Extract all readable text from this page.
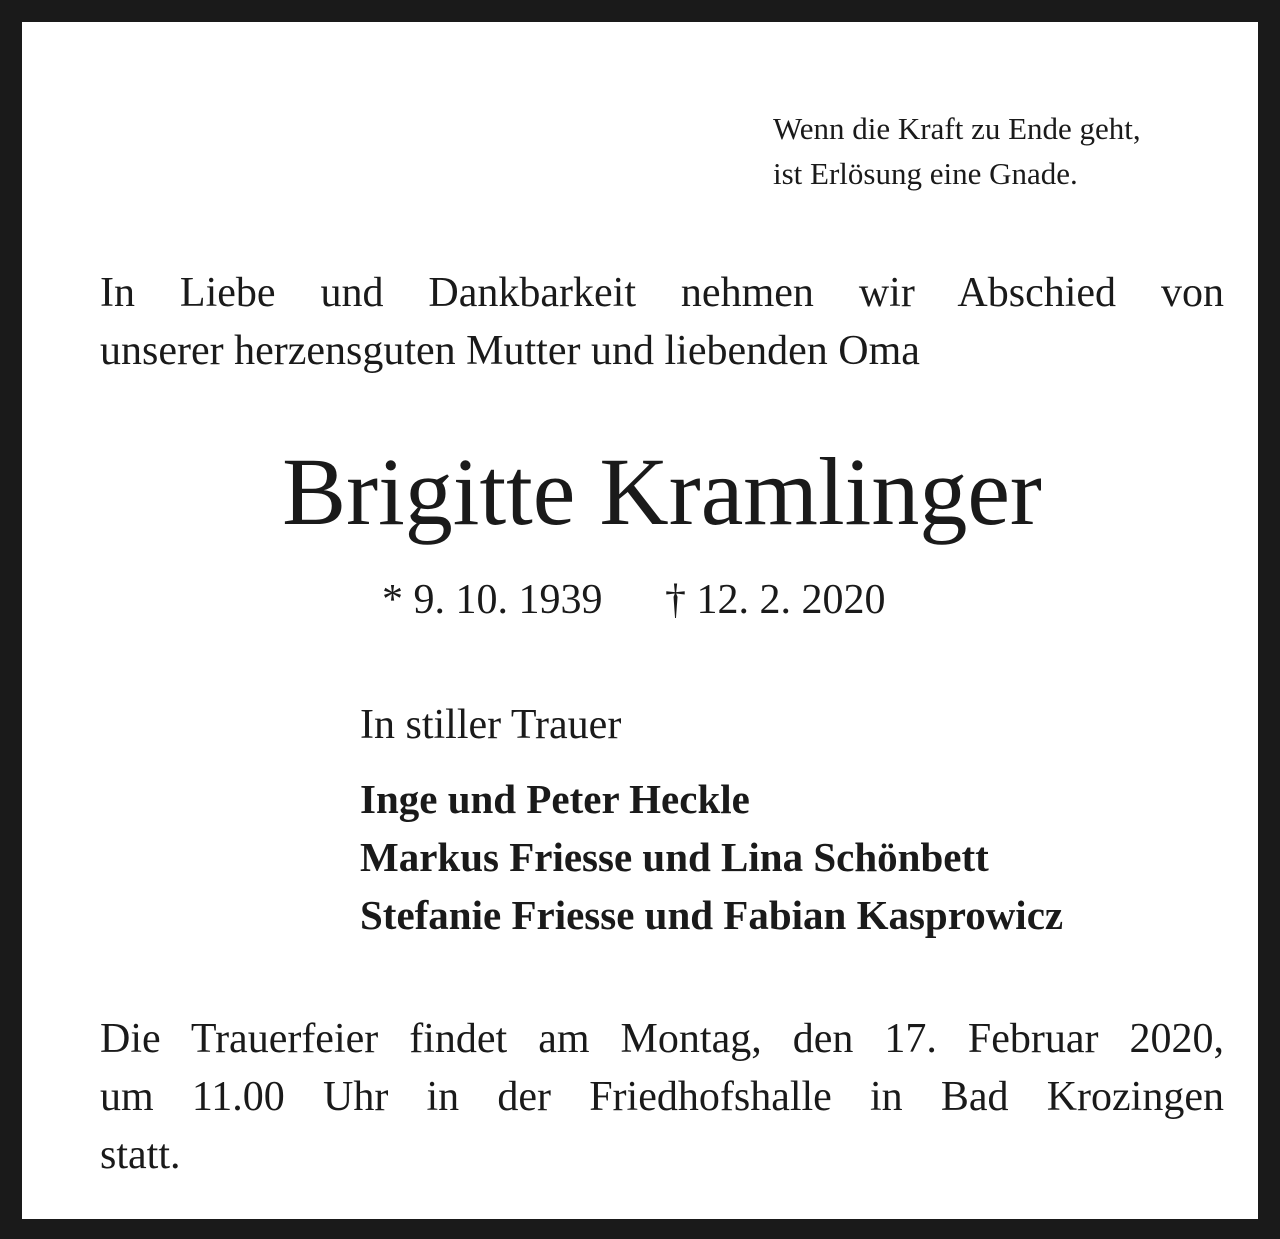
Wenn die Kraft zu Ende geht,
ist Erlösung eine Gnade.
In Liebe und Dankbarkeit nehmen wir Abschied von
unserer herzensguten Mutter und liebenden Oma
Brigitte Kramlinger
* 9. 10. 1939 † 12. 2. 2020
In stiller Trauer
Inge und Peter Heckle
Markus Friesse und Lina Schönbett
Stefanie Friesse und Fabian Kasprowicz
Die Trauerfeier findet am Montag, den 17. Februar 2020,
um 11.00 Uhr in der Friedhofshalle in Bad Krozingen
statt.
